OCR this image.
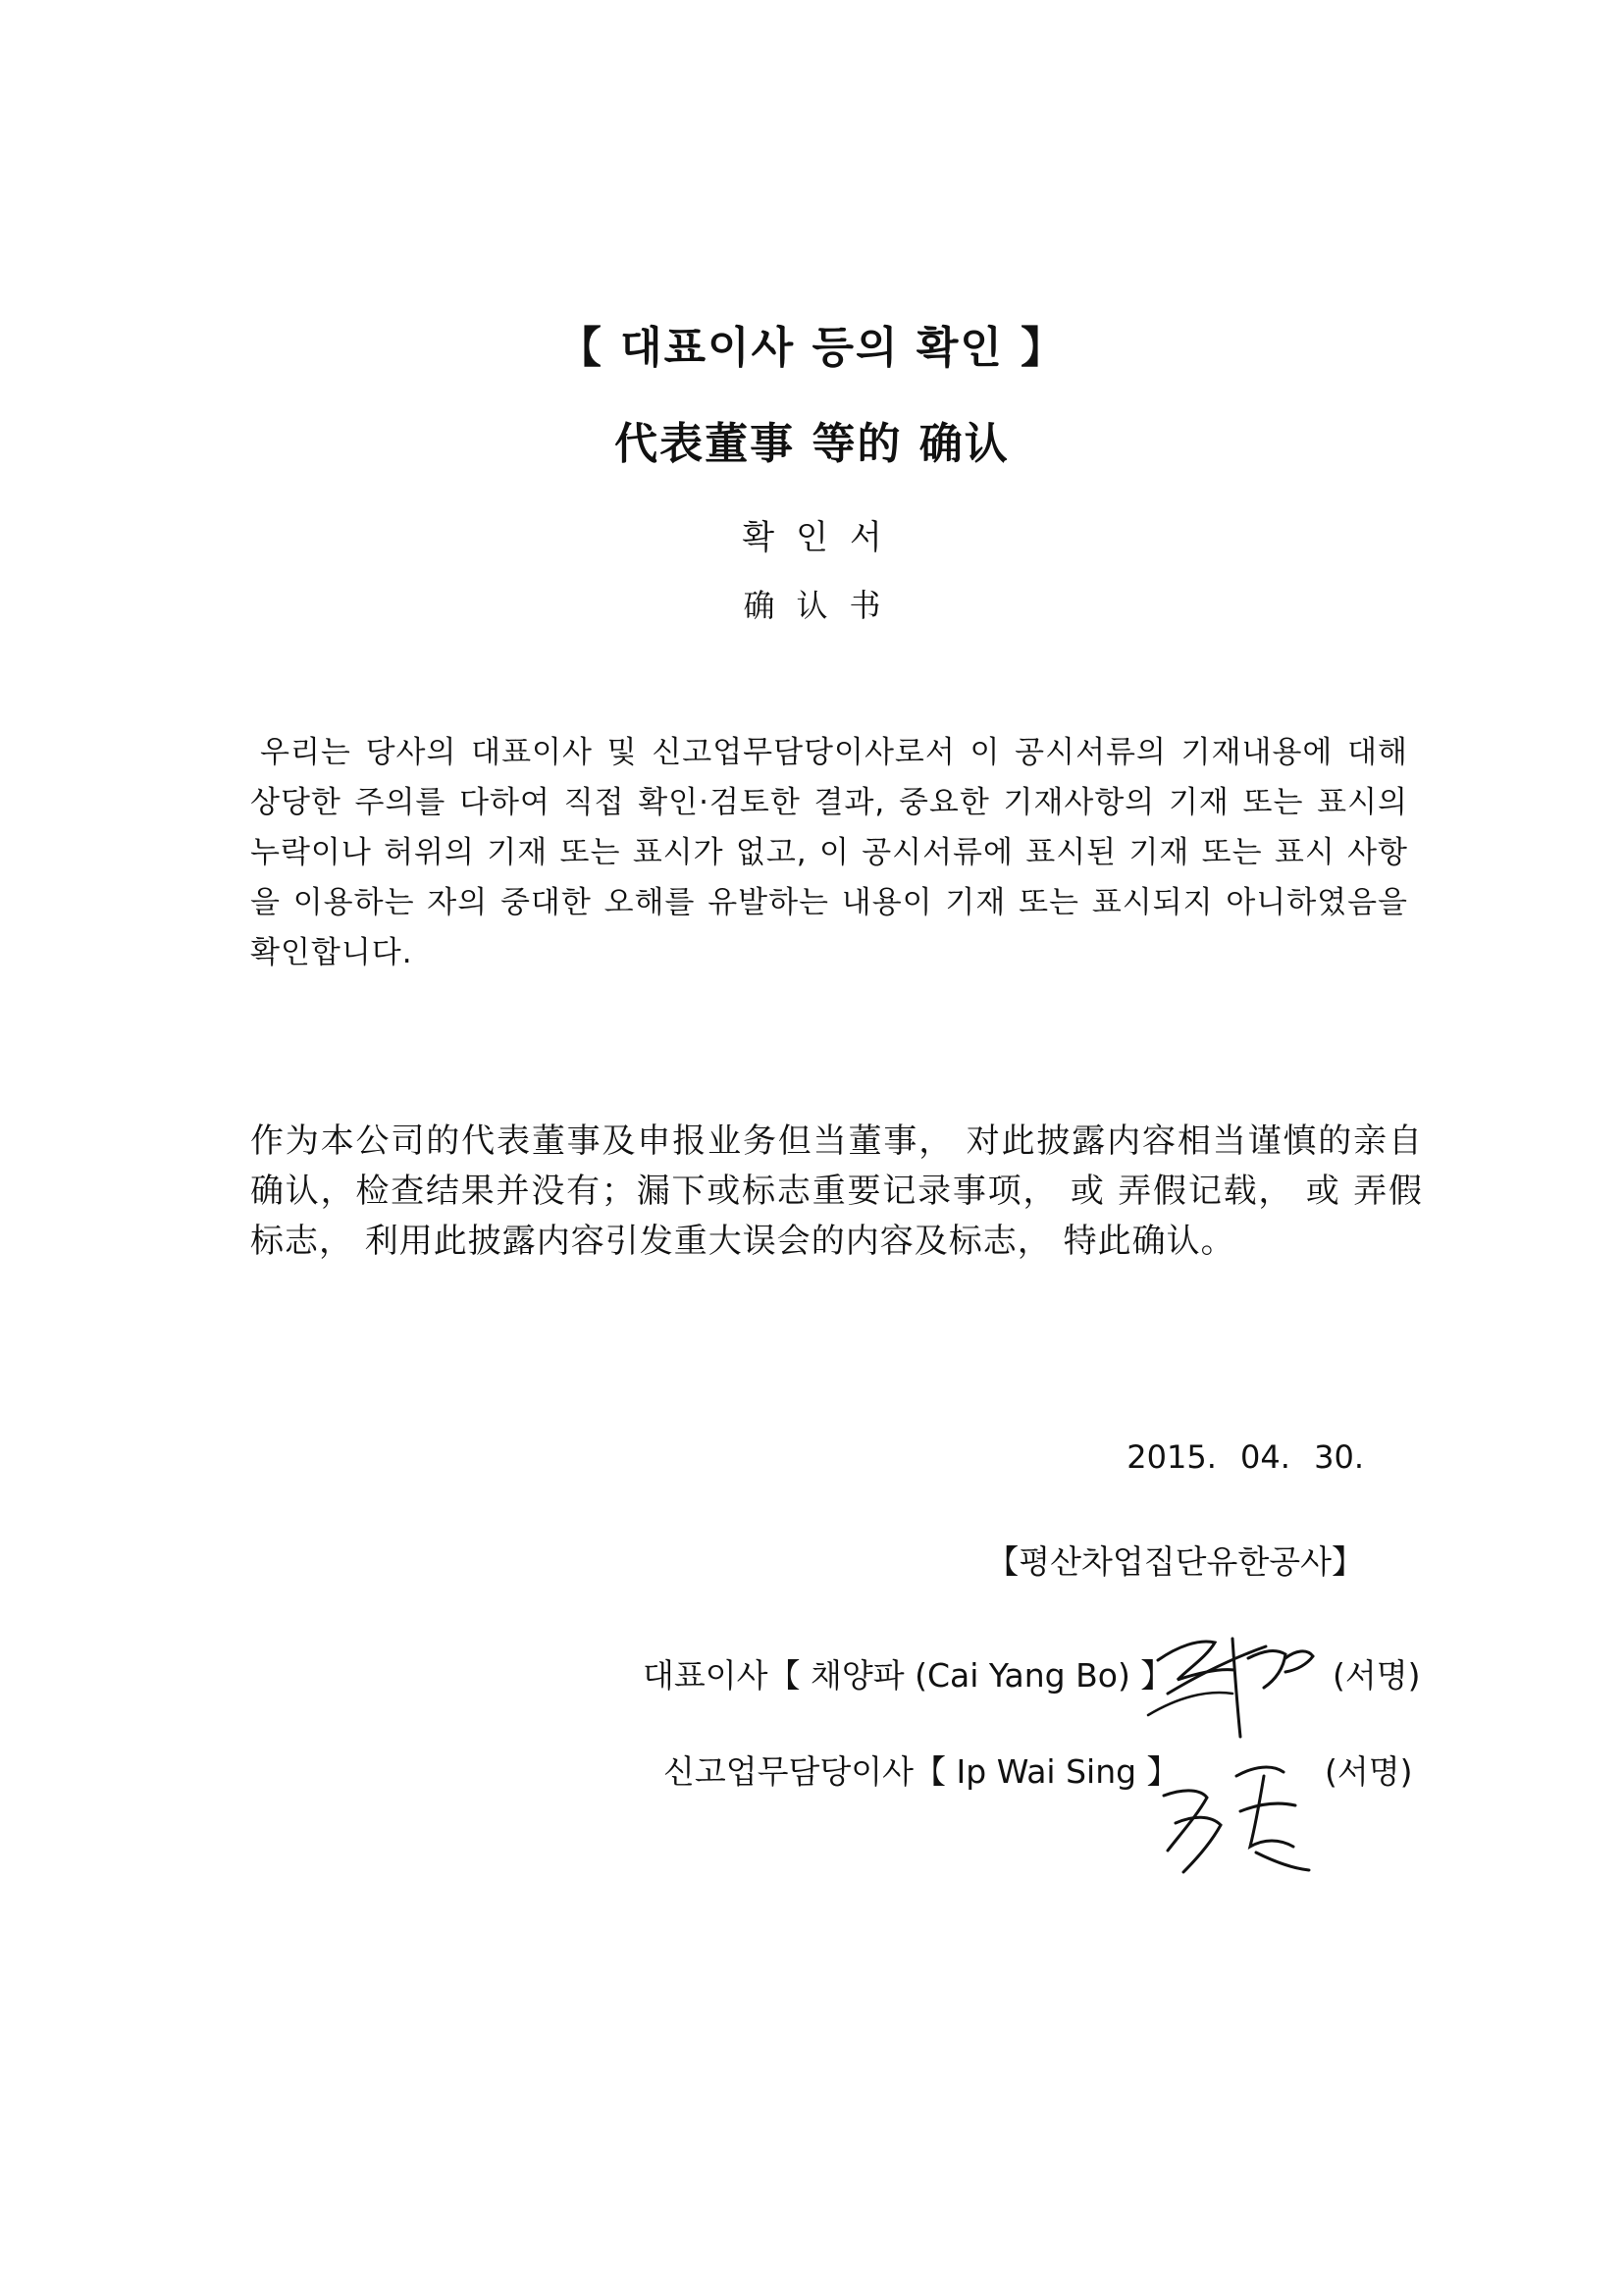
【 대표이사 등의 확인 】
代表董事 等的 确认
확인서
确认书
우리는 당사의 대표이사 및 신고업무담당이사로서 이 공시서류의 기재내용에 대해 상당한 주의를 다하여 직접 확인·검토한 결과, 중요한 기재사항의 기재 또는 표시의 누락이나 허위의 기재 또는 표시가 없고, 이 공시서류에 표시된 기재 또는 표시 사항을 이용하는 자의 중대한 오해를 유발하는 내용이 기재 또는 표시되지 아니하였음을 확인합니다.
作为本公司的代表董事及申报业务但当董事， 对此披露内容相当谨慎的亲自确认，检查结果并没有；漏下或标志重要记录事项， 或 弄假记载， 或 弄假标志， 利用此披露内容引发重大误会的内容及标志， 特此确认。
2015. 04. 30.
【평산차업집단유한공사】
대표이사【 채양파 (Cai Yang Bo) 】	(서명)
신고업무담당이사【 Ip Wai Sing 】	(서명)
